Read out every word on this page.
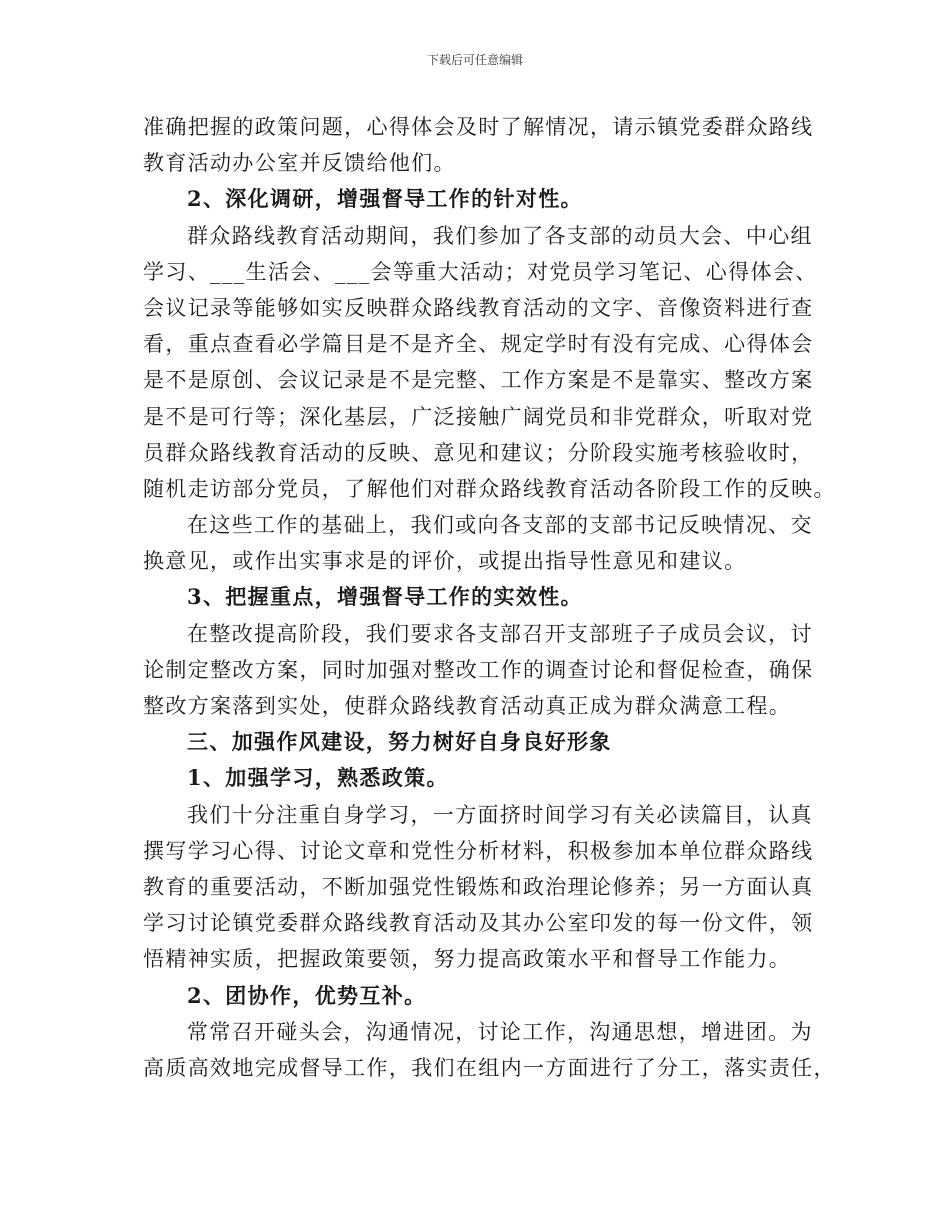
下载后可任意编辑
准确把握的政策问题，心得体会及时了解情况，请示镇党委群众路线
教育活动办公室并反馈给他们。
2、深化调研，增强督导工作的针对性。
群众路线教育活动期间，我们参加了各支部的动员大会、中心组
学习、___生活会、___会等重大活动；对党员学习笔记、心得体会、
会议记录等能够如实反映群众路线教育活动的文字、音像资料进行查
看，重点查看必学篇目是不是齐全、规定学时有没有完成、心得体会
是不是原创、会议记录是不是完整、工作方案是不是靠实、整改方案
是不是可行等；深化基层，广泛接触广阔党员和非党群众，听取对党
员群众路线教育活动的反映、意见和建议；分阶段实施考核验收时，
随机走访部分党员，了解他们对群众路线教育活动各阶段工作的反映。
在这些工作的基础上，我们或向各支部的支部书记反映情况、交
换意见，或作出实事求是的评价，或提出指导性意见和建议。
3、把握重点，增强督导工作的实效性。
在整改提高阶段，我们要求各支部召开支部班子子成员会议，讨
论制定整改方案，同时加强对整改工作的调查讨论和督促检查，确保
整改方案落到实处，使群众路线教育活动真正成为群众满意工程。
三、加强作风建设，努力树好自身良好形象
1、加强学习，熟悉政策。
我们十分注重自身学习，一方面挤时间学习有关必读篇目，认真
撰写学习心得、讨论文章和党性分析材料，积极参加本单位群众路线
教育的重要活动，不断加强党性锻炼和政治理论修养；另一方面认真
学习讨论镇党委群众路线教育活动及其办公室印发的每一份文件，领
悟精神实质，把握政策要领，努力提高政策水平和督导工作能力。
2、团协作，优势互补。
常常召开碰头会，沟通情况，讨论工作，沟通思想，增进团。为
高质高效地完成督导工作，我们在组内一方面进行了分工，落实责任，
